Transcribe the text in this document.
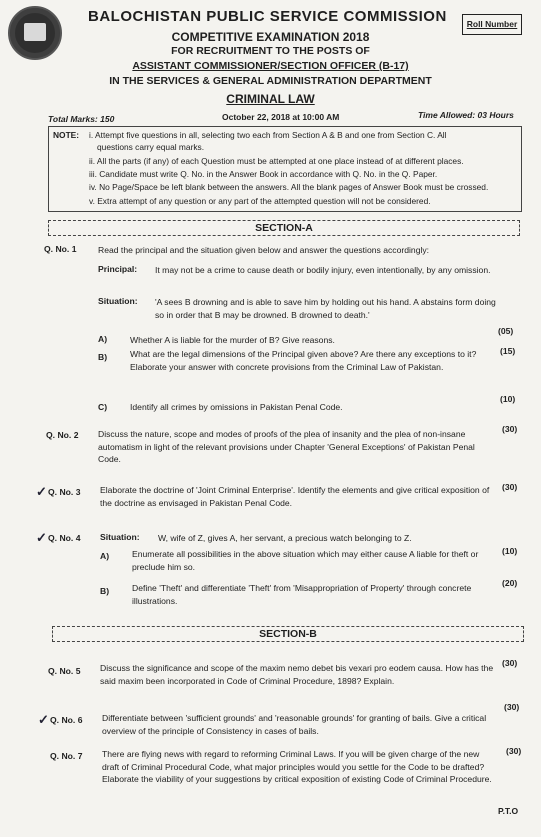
BALOCHISTAN PUBLIC SERVICE COMMISSION	Roll Number
COMPETITIVE EXAMINATION 2018
FOR RECRUITMENT TO THE POSTS OF
ASSISTANT COMMISSIONER/SECTION OFFICER (B-17)
IN THE SERVICES & GENERAL ADMINISTRATION DEPARTMENT
CRIMINAL LAW
Total Marks: 150	October 22, 2018 at 10:00 AM	Time Allowed: 03 Hours
NOTE: i. Attempt five questions in all, selecting two each from Section A & B and one from Section C. All
questions carry equal marks.
ii. All the parts (if any) of each Question must be attempted at one place instead of at different places.
iii. Candidate must write Q. No. in the Answer Book in accordance with Q. No. in the Q. Paper.
iv. No Page/Space be left blank between the answers. All the blank pages of Answer Book must be crossed.
v. Extra attempt of any question or any part of the attempted question will not be considered.
SECTION-A
Q. No. 1	Read the principal and the situation given below and answer the questions accordingly:
Principal: It may not be a crime to cause death or bodily injury, even intentionally, by any omission.
Situation: 'A sees B drowning and is able to save him by holding out his hand. A abstains form doing so in order that B may be drowned. B drowned to death.'
A)	Whether A is liable for the murder of B? Give reasons.
(05)
B)	What are the legal dimensions of the Principal given above? Are there any exceptions to it? Elaborate your answer with concrete provisions from the Criminal Law of Pakistan.
(15)
C)	Identify all crimes by omissions in Pakistan Penal Code.
(10)
Q. No. 2 Discuss the nature, scope and modes of proofs of the plea of insanity and the plea of non-insane automatism in light of the relevant provisions under Chapter 'General Exceptions' of Pakistan Penal Code.
(30)
✓ Q. No. 3 Elaborate the doctrine of 'Joint Criminal Enterprise'. Identify the elements and give critical exposition of the doctrine as envisaged in Pakistan Penal Code.
(30)
✓ Q. No. 4 Situation: W, wife of Z, gives A, her servant, a precious watch belonging to Z.
A)	Enumerate all possibilities in the above situation which may either cause A liable for theft or preclude him so.
(10)
B)	Define 'Theft' and differentiate 'Theft' from 'Misappropriation of Property' through concrete illustrations.
(20)
SECTION-B
Q. No. 5 Discuss the significance and scope of the maxim nemo debet bis vexari pro eodem causa. How has the said maxim been incorporated in Code of Criminal Procedure, 1898? Explain.
(30)
✓ Q. No. 6 Differentiate between 'sufficient grounds' and 'reasonable grounds' for granting of bails. Give a critical overview of the principle of Consistency in cases of bails.
(30)
Q. No. 7 There are flying news with regard to reforming Criminal Laws. If you will be given charge of the new draft of Criminal Procedural Code, what major principles would you settle for the Code to be drafted? Elaborate the viability of your suggestions by critical exposition of existing Code of Criminal Procedure.
(30)
P.T.O
